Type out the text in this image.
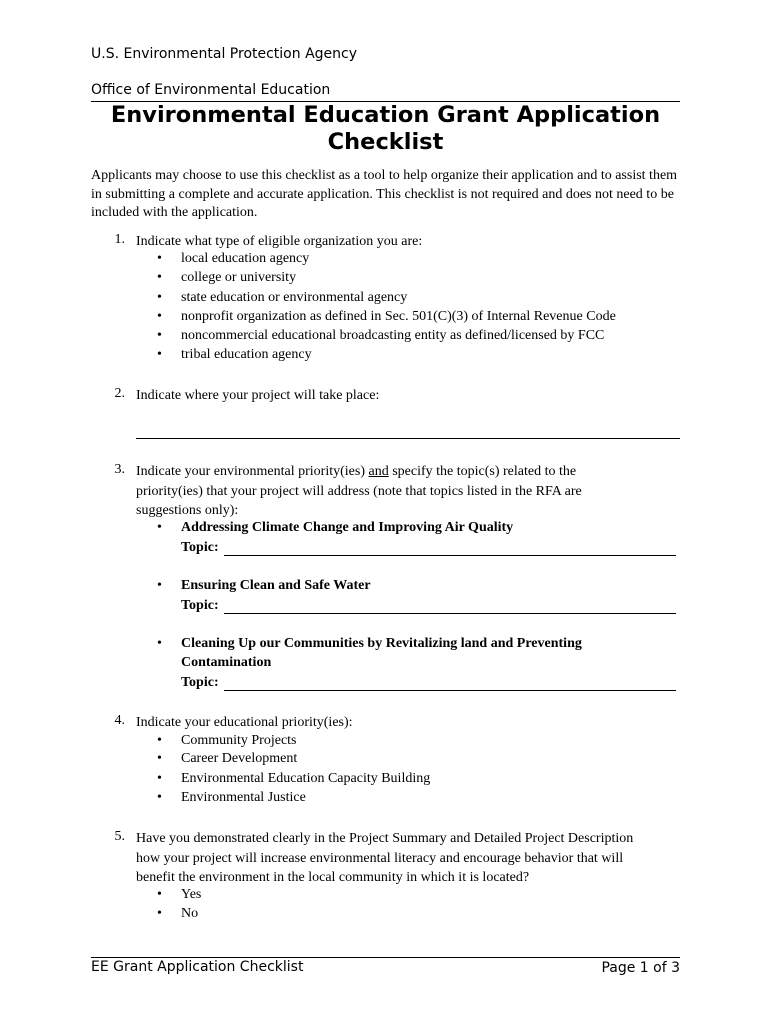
U.S. Environmental Protection Agency
Office of Environmental Education
Environmental Education Grant Application
Checklist
Applicants may choose to use this checklist as a tool to help organize their application and to assist them in submitting a complete and accurate application. This checklist is not required and does not need to be included with the application.
1. Indicate what type of eligible organization you are:
• local education agency
• college or university
• state education or environmental agency
• nonprofit organization as defined in Sec. 501(C)(3) of Internal Revenue Code
• noncommercial educational broadcasting entity as defined/licensed by FCC
• tribal education agency
2. Indicate where your project will take place:
3. Indicate your environmental priority(ies) and specify the topic(s) related to the
priority(ies) that your project will address (note that topics listed in the RFA are
suggestions only):
• Addressing Climate Change and Improving Air Quality
Topic:
• Ensuring Clean and Safe Water
Topic:
• Cleaning Up our Communities by Revitalizing land and Preventing
Contamination
Topic:
4. Indicate your educational priority(ies):
• Community Projects
• Career Development
• Environmental Education Capacity Building
• Environmental Justice
5. Have you demonstrated clearly in the Project Summary and Detailed Project Description
how your project will increase environmental literacy and encourage behavior that will
benefit the environment in the local community in which it is located?
• Yes
• No
EE Grant Application Checklist	Page 1 of 3
